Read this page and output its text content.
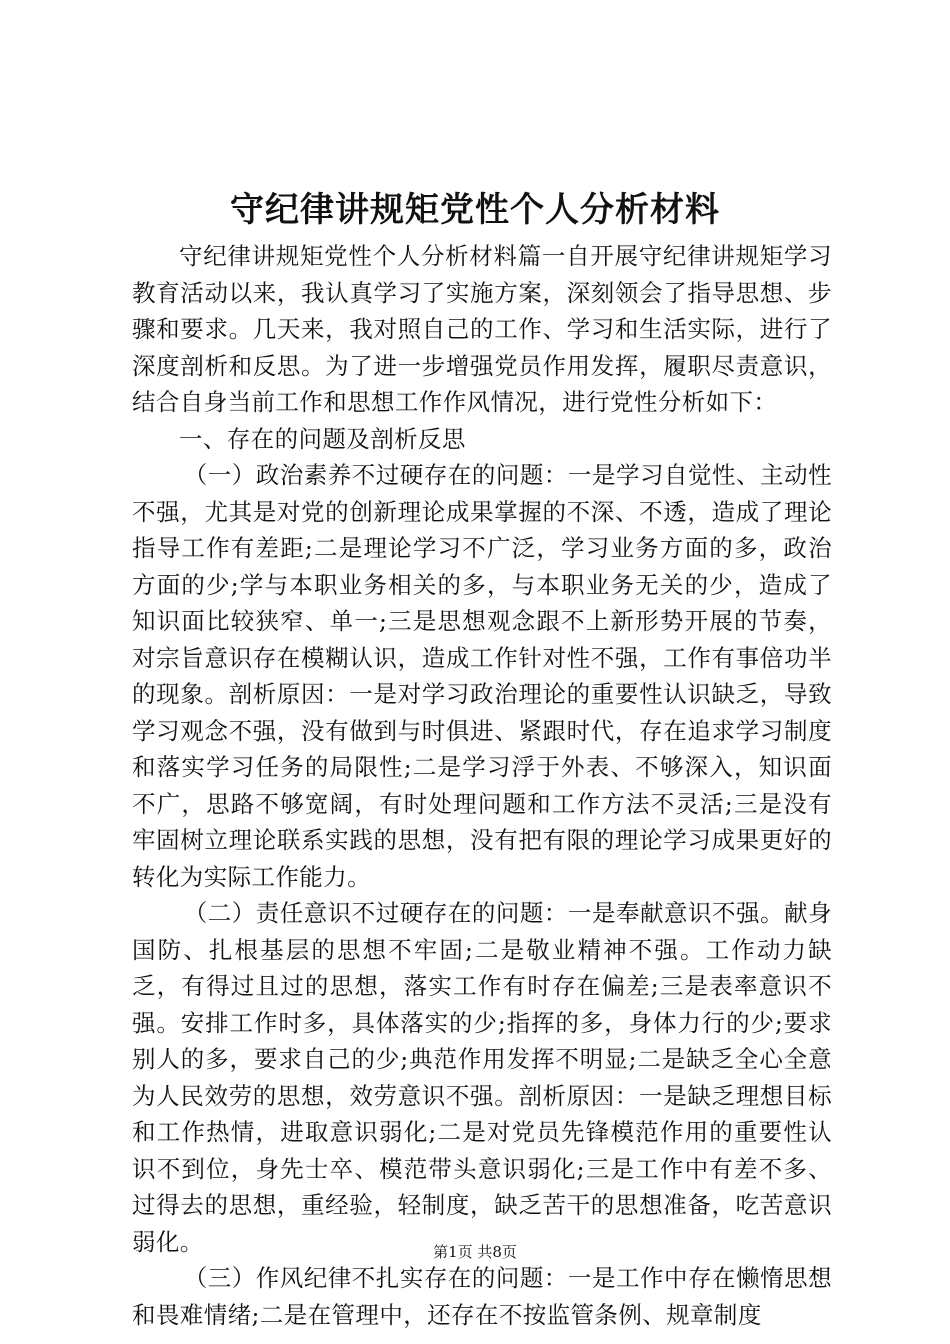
守纪律讲规矩党性个人分析材料

守纪律讲规矩党性个人分析材料篇一自开展守纪律讲规矩学习教育活动以来，我认真学习了实施方案，深刻领会了指导思想、步骤和要求。几天来，我对照自己的工作、学习和生活实际，进行了深度剖析和反思。为了进一步增强党员作用发挥，履职尽责意识，结合自身当前工作和思想工作作风情况，进行党性分析如下：

一、存在的问题及剖析反思

（一）政治素养不过硬存在的问题：一是学习自觉性、主动性不强，尤其是对党的创新理论成果掌握的不深、不透，造成了理论指导工作有差距;二是理论学习不广泛，学习业务方面的多，政治方面的少;学与本职业务相关的多，与本职业务无关的少，造成了知识面比较狭窄、单一;三是思想观念跟不上新形势开展的节奏，对宗旨意识存在模糊认识，造成工作针对性不强，工作有事倍功半的现象。剖析原因：一是对学习政治理论的重要性认识缺乏，导致学习观念不强，没有做到与时俱进、紧跟时代，存在追求学习制度和落实学习任务的局限性;二是学习浮于外表、不够深入，知识面不广，思路不够宽阔，有时处理问题和工作方法不灵活;三是没有牢固树立理论联系实践的思想，没有把有限的理论学习成果更好的转化为实际工作能力。

（二）责任意识不过硬存在的问题：一是奉献意识不强。献身国防、扎根基层的思想不牢固;二是敬业精神不强。工作动力缺乏，有得过且过的思想，落实工作有时存在偏差;三是表率意识不强。安排工作时多，具体落实的少;指挥的多，身体力行的少;要求别人的多，要求自己的少;典范作用发挥不明显;二是缺乏全心全意为人民效劳的思想，效劳意识不强。剖析原因：一是缺乏理想目标和工作热情，进取意识弱化;二是对党员先锋模范作用的重要性认识不到位，身先士卒、模范带头意识弱化;三是工作中有差不多、过得去的思想，重经验，轻制度，缺乏苦干的思想准备，吃苦意识弱化。

（三）作风纪律不扎实存在的问题：一是工作中存在懒惰思想和畏难情绪;二是在管理中，还存在不按监管条例、规章制度

第1页 共8页
